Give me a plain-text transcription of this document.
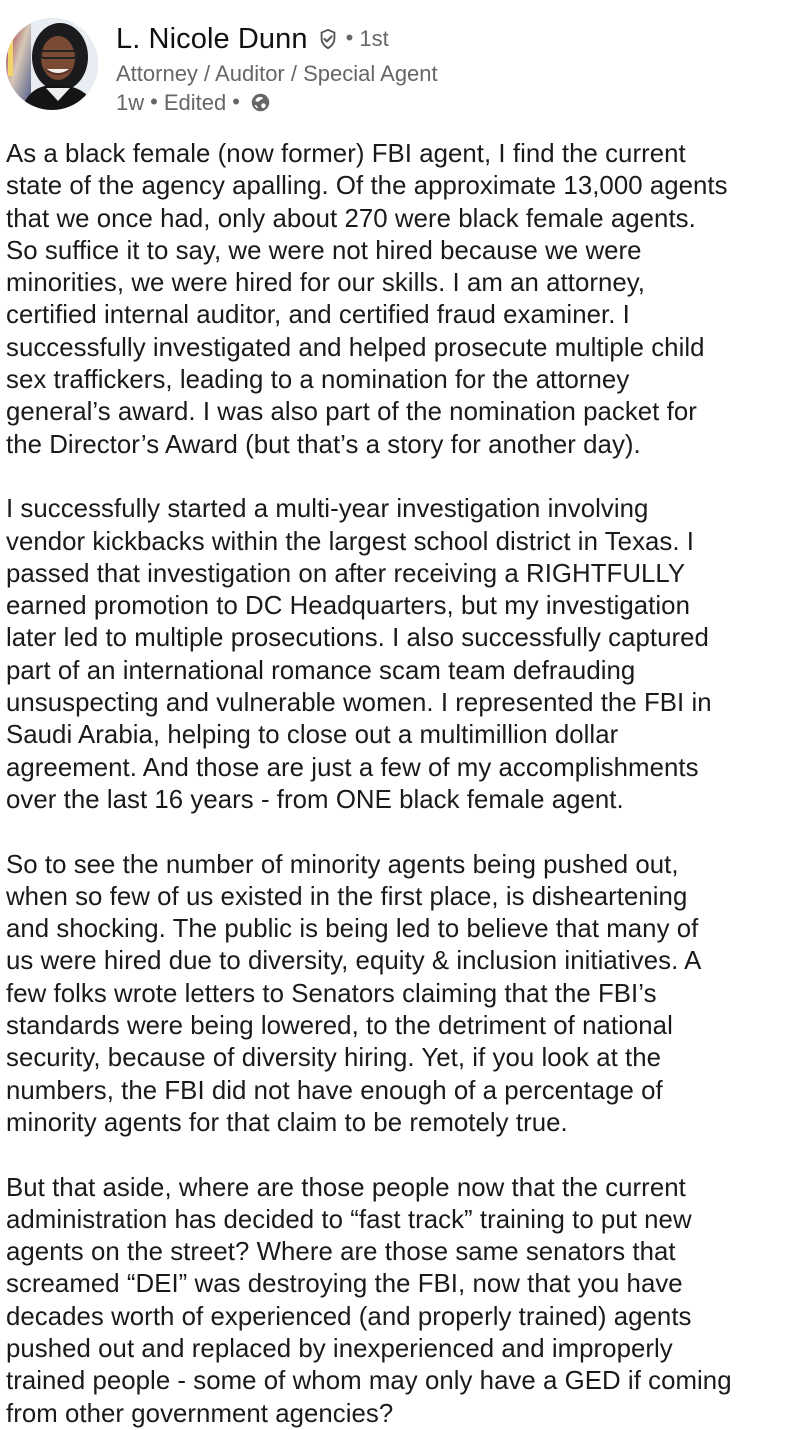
L. Nicole Dunn • 1st
Attorney / Auditor / Special Agent
1w • Edited •

As a black female (now former) FBI agent, I find the current
state of the agency apalling. Of the approximate 13,000 agents
that we once had, only about 270 were black female agents.
So suffice it to say, we were not hired because we were
minorities, we were hired for our skills. I am an attorney,
certified internal auditor, and certified fraud examiner. I
successfully investigated and helped prosecute multiple child
sex traffickers, leading to a nomination for the attorney
general’s award. I was also part of the nomination packet for
the Director’s Award (but that’s a story for another day).

I successfully started a multi-year investigation involving
vendor kickbacks within the largest school district in Texas. I
passed that investigation on after receiving a RIGHTFULLY
earned promotion to DC Headquarters, but my investigation
later led to multiple prosecutions. I also successfully captured
part of an international romance scam team defrauding
unsuspecting and vulnerable women. I represented the FBI in
Saudi Arabia, helping to close out a multimillion dollar
agreement. And those are just a few of my accomplishments
over the last 16 years - from ONE black female agent.

So to see the number of minority agents being pushed out,
when so few of us existed in the first place, is disheartening
and shocking. The public is being led to believe that many of
us were hired due to diversity, equity & inclusion initiatives. A
few folks wrote letters to Senators claiming that the FBI’s
standards were being lowered, to the detriment of national
security, because of diversity hiring. Yet, if you look at the
numbers, the FBI did not have enough of a percentage of
minority agents for that claim to be remotely true.

But that aside, where are those people now that the current
administration has decided to “fast track” training to put new
agents on the street? Where are those same senators that
screamed “DEI” was destroying the FBI, now that you have
decades worth of experienced (and properly trained) agents
pushed out and replaced by inexperienced and improperly
trained people - some of whom may only have a GED if coming
from other government agencies?
